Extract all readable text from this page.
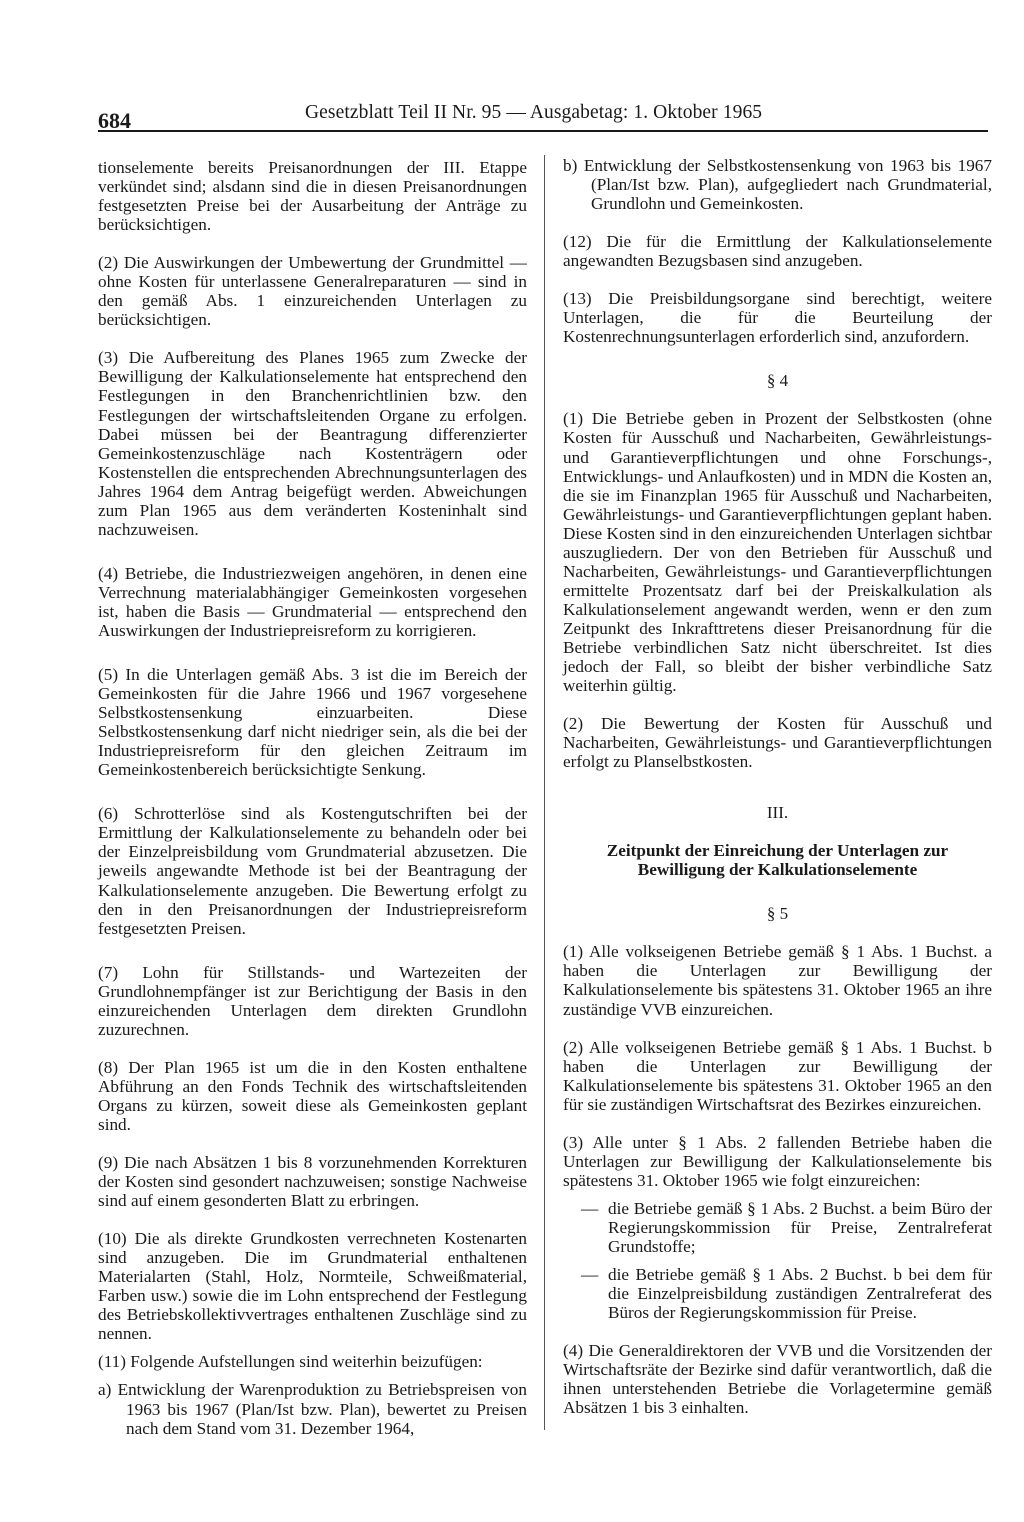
684	Gesetzblatt Teil II Nr. 95 — Ausgabetag: 1. Oktober 1965

tionselemente bereits Preisanordnungen der III. Etappe verkündet sind; alsdann sind die in diesen Preisanordnungen festgesetzten Preise bei der Ausarbeitung der Anträge zu berücksichtigen.

(2) Die Auswirkungen der Umbewertung der Grundmittel — ohne Kosten für unterlassene Generalreparaturen — sind in den gemäß Abs. 1 einzureichenden Unterlagen zu berücksichtigen.

(3) Die Aufbereitung des Planes 1965 zum Zwecke der Bewilligung der Kalkulationselemente hat entsprechend den Festlegungen in den Branchenrichtlinien bzw. den Festlegungen der wirtschaftsleitenden Organe zu erfolgen. Dabei müssen bei der Beantragung differenzierter Gemeinkostenzuschläge nach Kostenträgern oder Kostenstellen die entsprechenden Abrechnungsunterlagen des Jahres 1964 dem Antrag beigefügt werden. Abweichungen zum Plan 1965 aus dem veränderten Kosteninhalt sind nachzuweisen.

(4) Betriebe, die Industriezweigen angehören, in denen eine Verrechnung materialabhängiger Gemeinkosten vorgesehen ist, haben die Basis — Grundmaterial — entsprechend den Auswirkungen der Industriepreisreform zu korrigieren.

(5) In die Unterlagen gemäß Abs. 3 ist die im Bereich der Gemeinkosten für die Jahre 1966 und 1967 vorgesehene Selbstkostensenkung einzuarbeiten. Diese Selbstkostensenkung darf nicht niedriger sein, als die bei der Industriepreisreform für den gleichen Zeitraum im Gemeinkostenbereich berücksichtigte Senkung.

(6) Schrotterlöse sind als Kostengutschriften bei der Ermittlung der Kalkulationselemente zu behandeln oder bei der Einzelpreisbildung vom Grundmaterial abzusetzen. Die jeweils angewandte Methode ist bei der Beantragung der Kalkulationselemente anzugeben. Die Bewertung erfolgt zu den in den Preisanordnungen der Industriepreisreform festgesetzten Preisen.

(7) Lohn für Stillstands- und Wartezeiten der Grundlohnempfänger ist zur Berichtigung der Basis in den einzureichenden Unterlagen dem direkten Grundlohn zuzurechnen.

(8) Der Plan 1965 ist um die in den Kosten enthaltene Abführung an den Fonds Technik des wirtschaftsleitenden Organs zu kürzen, soweit diese als Gemeinkosten geplant sind.

(9) Die nach Absätzen 1 bis 8 vorzunehmenden Korrekturen der Kosten sind gesondert nachzuweisen; sonstige Nachweise sind auf einem gesonderten Blatt zu erbringen.

(10) Die als direkte Grundkosten verrechneten Kostenarten sind anzugeben. Die im Grundmaterial enthaltenen Materialarten (Stahl, Holz, Normteile, Schweißmaterial, Farben usw.) sowie die im Lohn entsprechend der Festlegung des Betriebskollektivvertrages enthaltenen Zuschläge sind zu nennen.

(11) Folgende Aufstellungen sind weiterhin beizufügen:

a) Entwicklung der Warenproduktion zu Betriebspreisen von 1963 bis 1967 (Plan/Ist bzw. Plan), bewertet zu Preisen nach dem Stand vom 31. Dezember 1964,

b) Entwicklung der Selbstkostensenkung von 1963 bis 1967 (Plan/Ist bzw. Plan), aufgegliedert nach Grundmaterial, Grundlohn und Gemeinkosten.

(12) Die für die Ermittlung der Kalkulationselemente angewandten Bezugsbasen sind anzugeben.

(13) Die Preisbildungsorgane sind berechtigt, weitere Unterlagen, die für die Beurteilung der Kostenrechnungsunterlagen erforderlich sind, anzufordern.

§ 4

(1) Die Betriebe geben in Prozent der Selbstkosten (ohne Kosten für Ausschuß und Nacharbeiten, Gewährleistungs- und Garantieverpflichtungen und ohne Forschungs-, Entwicklungs- und Anlaufkosten) und in MDN die Kosten an, die sie im Finanzplan 1965 für Ausschuß und Nacharbeiten, Gewährleistungs- und Garantieverpflichtungen geplant haben. Diese Kosten sind in den einzureichenden Unterlagen sichtbar auszugliedern. Der von den Betrieben für Ausschuß und Nacharbeiten, Gewährleistungs- und Garantieverpflichtungen ermittelte Prozentsatz darf bei der Preiskalkulation als Kalkulationselement angewandt werden, wenn er den zum Zeitpunkt des Inkrafttretens dieser Preisanordnung für die Betriebe verbindlichen Satz nicht überschreitet. Ist dies jedoch der Fall, so bleibt der bisher verbindliche Satz weiterhin gültig.

(2) Die Bewertung der Kosten für Ausschuß und Nacharbeiten, Gewährleistungs- und Garantieverpflichtungen erfolgt zu Planselbstkosten.

III.

Zeitpunkt der Einreichung der Unterlagen zur Bewilligung der Kalkulationselemente

§ 5

(1) Alle volkseigenen Betriebe gemäß § 1 Abs. 1 Buchst. a haben die Unterlagen zur Bewilligung der Kalkulationselemente bis spätestens 31. Oktober 1965 an ihre zuständige VVB einzureichen.

(2) Alle volkseigenen Betriebe gemäß § 1 Abs. 1 Buchst. b haben die Unterlagen zur Bewilligung der Kalkulationselemente bis spätestens 31. Oktober 1965 an den für sie zuständigen Wirtschaftsrat des Bezirkes einzureichen.

(3) Alle unter § 1 Abs. 2 fallenden Betriebe haben die Unterlagen zur Bewilligung der Kalkulationselemente bis spätestens 31. Oktober 1965 wie folgt einzureichen:

— die Betriebe gemäß § 1 Abs. 2 Buchst. a beim Büro der Regierungskommission für Preise, Zentralreferat Grundstoffe;

— die Betriebe gemäß § 1 Abs. 2 Buchst. b bei dem für die Einzelpreisbildung zuständigen Zentralreferat des Büros der Regierungskommission für Preise.

(4) Die Generaldirektoren der VVB und die Vorsitzenden der Wirtschaftsräte der Bezirke sind dafür verantwortlich, daß die ihnen unterstehenden Betriebe die Vorlagetermine gemäß Absätzen 1 bis 3 einhalten.
